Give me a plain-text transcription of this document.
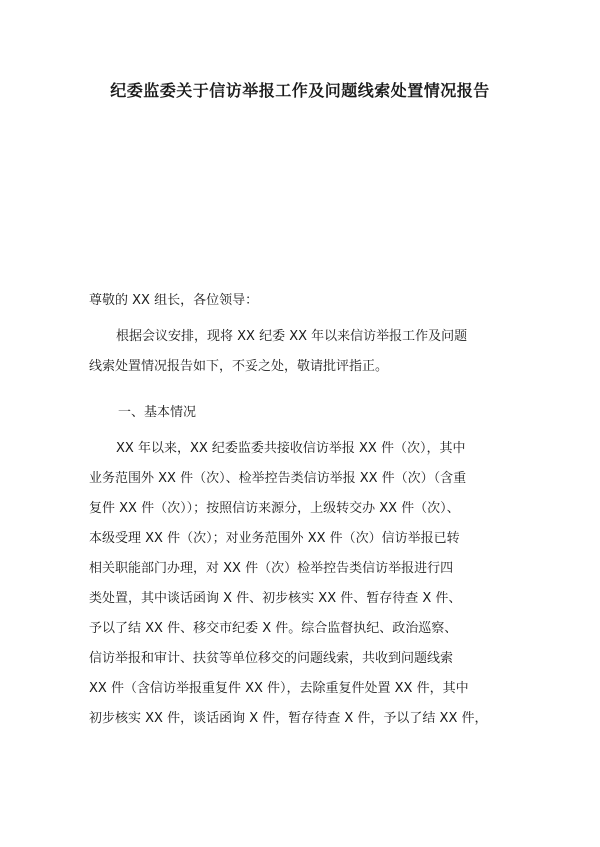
纪委监委关于信访举报工作及问题线索处置情况报告
尊敬的 XX 组长，各位领导：
根据会议安排，现将 XX 纪委 XX 年以来信访举报工作及问题
线索处置情况报告如下，不妥之处，敬请批评指正。
一、基本情况
XX 年以来，XX 纪委监委共接收信访举报 XX 件（次），其中
业务范围外 XX 件（次）、检举控告类信访举报 XX 件（次）（含重
复件 XX 件（次））；按照信访来源分，上级转交办 XX 件（次）、
本级受理 XX 件（次）；对业务范围外 XX 件（次）信访举报已转
相关职能部门办理，对 XX 件（次）检举控告类信访举报进行四
类处置，其中谈话函询 X 件、初步核实 XX 件、暂存待查 X 件、
予以了结 XX 件、移交市纪委 X 件。综合监督执纪、政治巡察、
信访举报和审计、扶贫等单位移交的问题线索，共收到问题线索
XX 件（含信访举报重复件 XX 件），去除重复件处置 XX 件，其中
初步核实 XX 件，谈话函询 X 件，暂存待查 X 件，予以了结 XX 件，
